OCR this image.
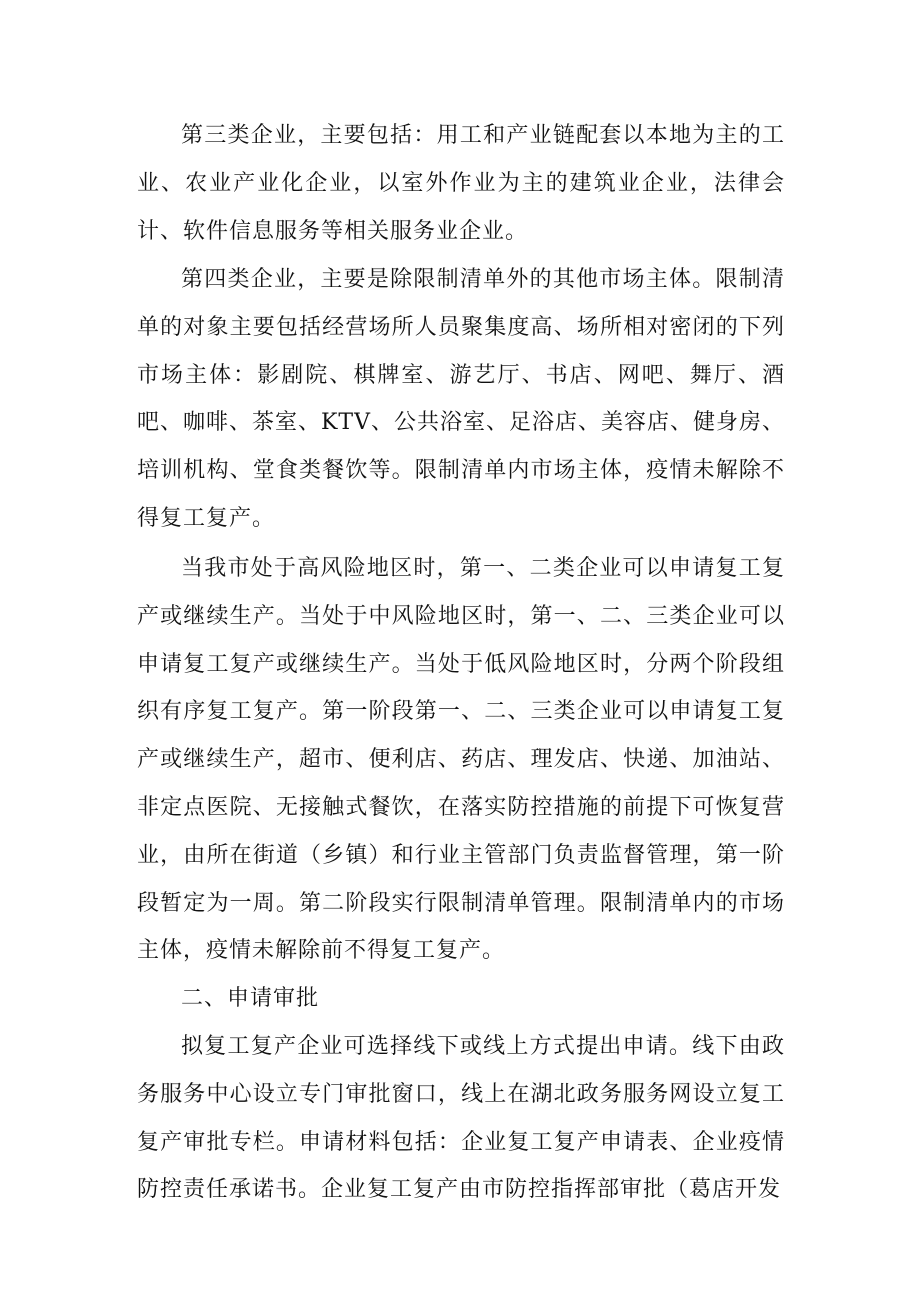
第三类企业，主要包括：用工和产业链配套以本地为主的工业、农业产业化企业，以室外作业为主的建筑业企业，法律会计、软件信息服务等相关服务业企业。

第四类企业，主要是除限制清单外的其他市场主体。限制清单的对象主要包括经营场所人员聚集度高、场所相对密闭的下列市场主体：影剧院、棋牌室、游艺厅、书店、网吧、舞厅、酒吧、咖啡、茶室、KTV、公共浴室、足浴店、美容店、健身房、培训机构、堂食类餐饮等。限制清单内市场主体，疫情未解除不得复工复产。

当我市处于高风险地区时，第一、二类企业可以申请复工复产或继续生产。当处于中风险地区时，第一、二、三类企业可以申请复工复产或继续生产。当处于低风险地区时，分两个阶段组织有序复工复产。第一阶段第一、二、三类企业可以申请复工复产或继续生产，超市、便利店、药店、理发店、快递、加油站、非定点医院、无接触式餐饮，在落实防控措施的前提下可恢复营业，由所在街道（乡镇）和行业主管部门负责监督管理，第一阶段暂定为一周。第二阶段实行限制清单管理。限制清单内的市场主体，疫情未解除前不得复工复产。

二、申请审批

拟复工复产企业可选择线下或线上方式提出申请。线下由政务服务中心设立专门审批窗口，线上在湖北政务服务网设立复工复产审批专栏。申请材料包括：企业复工复产申请表、企业疫情防控责任承诺书。企业复工复产由市防控指挥部审批（葛店开发
